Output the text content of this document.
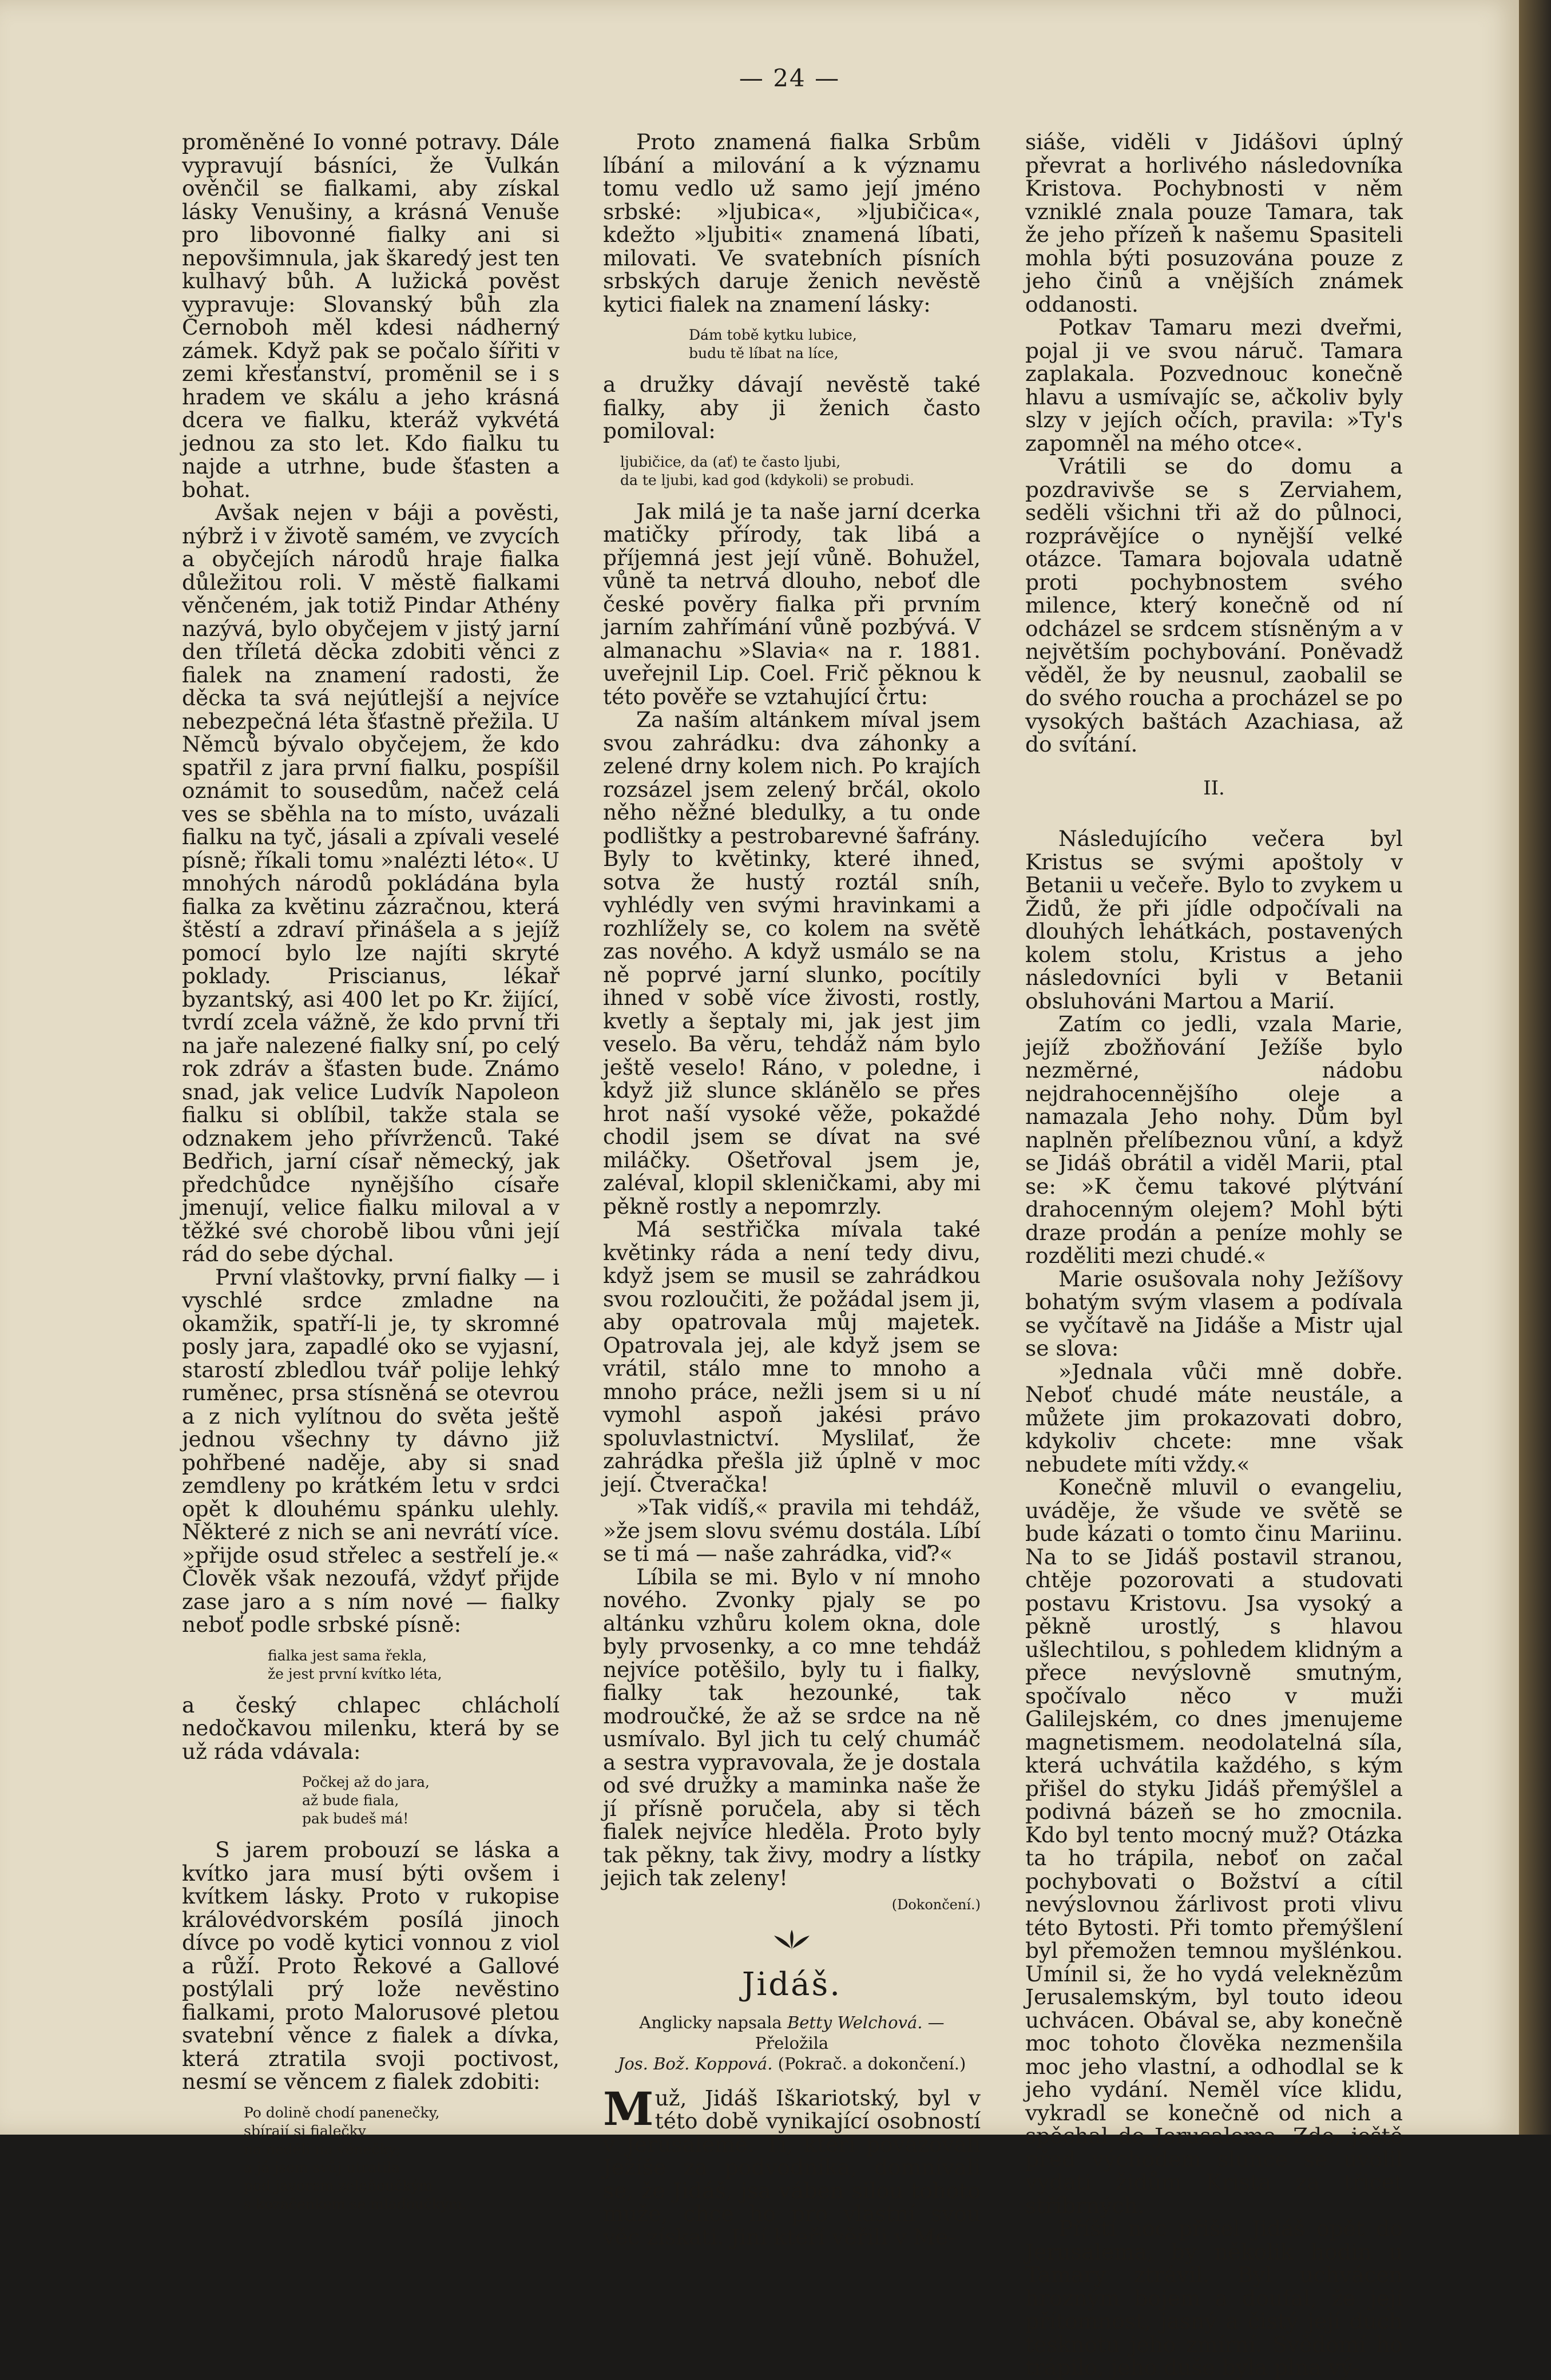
— 24 —

proměněné Io vonné potravy. Dále vypravují básníci, že Vulkán ověnčil se fialkami, aby získal lásky Venušiny, a krásná Venuše pro libovonné fialky ani si nepovšimnula, jak škaredý jest ten kulhavý bůh. A lužická pověst vypravuje: Slovanský bůh zla Černoboh měl kdesi nádherný zámek. Když pak se počalo šířiti v zemi křesťanství, proměnil se i s hradem ve skálu a jeho krásná dcera ve fialku, kteráž vykvétá jednou za sto let. Kdo fialku tu najde a utrhne, bude šťasten a bohat.

Avšak nejen v báji a pověsti, nýbrž i v životě samém, ve zvycích a obyčejích národů hraje fialka důležitou roli. V městě fialkami věnčeném, jak totiž Pindar Athény nazývá, bylo obyčejem v jistý jarní den tříletá děcka zdobiti věnci z fialek na znamení radosti, že děcka ta svá nejútlejší a nejvíce nebezpečná léta šťastně přežila. U Němců bývalo obyčejem, že kdo spatřil z jara první fialku, pospíšil oznámit to sousedům, načež celá ves se sběhla na to místo, uvázali fialku na tyč, jásali a zpívali veselé písně; říkali tomu »nalézti léto«. U mnohých národů pokládána byla fialka za květinu zázračnou, která štěstí a zdraví přinášela a s jejíž pomocí bylo lze najíti skryté poklady. Priscianus, lékař byzantský, asi 400 let po Kr. žijící, tvrdí zcela vážně, že kdo první tři na jaře nalezené fialky sní, po celý rok zdráv a šťasten bude. Známo snad, jak velice Ludvík Napoleon fialku si oblíbil, takže stala se odznakem jeho přívrženců. Také Bedřich, jarní císař německý, jak předchůdce nynějšího císaře jmenují, velice fialku miloval a v těžké své chorobě libou vůni její rád do sebe dýchal.

První vlaštovky, první fialky — i vyschlé srdce zmladne na okamžik, spatří-li je, ty skromné posly jara, zapadlé oko se vyjasní, starostí zbledlou tvář polije lehký ruměnec, prsa stísněná se otevrou a z nich vylítnou do světa ještě jednou všechny ty dávno již pohřbené naděje, aby si snad zemdleny po krátkém letu v srdci opět k dlouhému spánku ulehly. Některé z nich se ani nevrátí více. »přijde osud střelec a sestřelí je.« Člověk však nezoufá, vždyť přijde zase jaro a s ním nové — fialky neboť podle srbské písně:

fialka jest sama řekla,
že jest první kvítko léta,

a český chlapec chlácholí nedočkavou milenku, která by se už ráda vdávala:

Počkej až do jara,
až bude fiala,
pak budeš má!

S jarem probouzí se láska a kvítko jara musí býti ovšem i kvítkem lásky. Proto v rukopise královédvorském posílá jinoch dívce po vodě kytici vonnou z viol a růží. Proto Řekové a Gallové postýlali prý lože nevěstino fialkami, proto Malorusové pletou svatební věnce z fialek a dívka, která ztratila svoji poctivost, nesmí se věncem z fialek zdobiti:

Po dolině chodí panenečky,
sbírají si fialečky
na neděli na věnečky;
a já jsem svůj utratila
pod javorem zeleňoučkým
s kozačenkem se mlaďoučkým.

Proto znamená fialka Srbům líbání a milování a k významu tomu vedlo už samo její jméno srbské: »ljubica«, »ljubičica«, kdežto »ljubiti« znamená líbati, milovati. Ve svatebních písních srbských daruje ženich nevěstě kytici fialek na znamení lásky:

Dám tobě kytku lubice,
budu tě líbat na líce,

a družky dávají nevěstě také fialky, aby ji ženich často pomiloval:

ljubičice, da (ať) te často ljubi,
da te ljubi, kad god (kdykoli) se probudi.

Jak milá je ta naše jarní dcerka matičky přírody, tak libá a příjemná jest její vůně. Bohužel, vůně ta netrvá dlouho, neboť dle české pověry fialka při prvním jarním zahřímání vůně pozbývá. V almanachu »Slavia« na r. 1881. uveřejnil Lip. Coel. Frič pěknou k této pověře se vztahující črtu:

Za naším altánkem míval jsem svou zahrádku: dva záhonky a zelené drny kolem nich. Po krajích rozsázel jsem zelený brčál, okolo něho něžné bledulky, a tu onde podlištky a pestrobarevné šafrány. Byly to květinky, které ihned, sotva že hustý roztál sníh, vyhlédly ven svými hravinkami a rozhlížely se, co kolem na světě zas nového. A když usmálo se na ně poprvé jarní slunko, pocítily ihned v sobě více živosti, rostly, kvetly a šeptaly mi, jak jest jim veselo. Ba věru, tehdáž nám bylo ještě veselo! Ráno, v poledne, i když již slunce sklánělo se přes hrot naší vysoké věže, pokaždé chodil jsem se dívat na své miláčky. Ošetřoval jsem je, zaléval, klopil skleničkami, aby mi pěkně rostly a nepomrzly.

Má sestřička mívala také květinky ráda a není tedy divu, když jsem se musil se zahrádkou svou rozloučiti, že požádal jsem ji, aby opatrovala můj majetek. Opatrovala jej, ale když jsem se vrátil, stálo mne to mnoho a mnoho práce, nežli jsem si u ní vymohl aspoň jakési právo spoluvlastnictví. Myslilať, že zahrádka přešla již úplně v moc její. Čtveračka!

»Tak vidíš,« pravila mi tehdáž, »že jsem slovu svému dostála. Líbí se ti má — naše zahrádka, viď?«

Líbila se mi. Bylo v ní mnoho nového. Zvonky pjaly se po altánku vzhůru kolem okna, dole byly prvosenky, a co mne tehdáž nejvíce potěšilo, byly tu i fialky, fialky tak hezounké, tak modroučké, že až se srdce na ně usmívalo. Byl jich tu celý chumáč a sestra vypravovala, že je dostala od své družky a maminka naše že jí přísně poručela, aby si těch fialek nejvíce hleděla. Proto byly tak pěkny, tak živy, modry a lístky jejich tak zeleny!

(Dokončení.)
Jidáš.
Anglicky napsala Betty Welchová. — Přeložila
Jos. Bož. Koppová. (Pokrač. a dokončení.)

Muž, Jidáš Iškariotský, byl v této době vynikající osobností v Jerusalemě. Ti, kteří považovali Ježíše za podvodníka, domnívali se, že Jidáš, jsa váben silou tohoto muže, chce ho pro vlastní svou věc získati. Jiní kteří věřili v Me-

siáše, viděli v Jidášovi úplný převrat a horlivého následovníka Kristova. Pochybnosti v něm vzniklé znala pouze Tamara, tak že jeho přízeň k našemu Spasiteli mohla býti posuzována pouze z jeho činů a vnějších známek oddanosti.

Potkav Tamaru mezi dveřmi, pojal ji ve svou náruč. Tamara zaplakala. Pozvednouc konečně hlavu a usmívajíc se, ačkoliv byly slzy v jejích očích, pravila: »Ty's zapomněl na mého otce«.

Vrátili se do domu a pozdravivše se s Zerviahem, seděli všichni tři až do půlnoci, rozprávějíce o nynější velké otázce. Tamara bojovala udatně proti pochybnostem svého milence, který konečně od ní odcházel se srdcem stísněným a v největším pochybování. Poněvadž věděl, že by neusnul, zaobalil se do svého roucha a procházel se po vysokých baštách Azachiasa, až do svítání.

II.

Následujícího večera byl Kristus se svými apoštoly v Betanii u večeře. Bylo to zvykem u Židů, že při jídle odpočívali na dlouhých lehátkách, postavených kolem stolu, Kristus a jeho následovníci byli v Betanii obsluhováni Martou a Marií.

Zatím co jedli, vzala Marie, jejíž zbožňování Ježíše bylo nezměrné, nádobu nejdrahocennějšího oleje a namazala Jeho nohy. Dům byl naplněn přelíbeznou vůní, a když se Jidáš obrátil a viděl Marii, ptal se: »K čemu takové plýtvání drahocenným olejem? Mohl býti draze prodán a peníze mohly se rozděliti mezi chudé.«

Marie osušovala nohy Ježíšovy bohatým svým vlasem a podívala se vyčítavě na Jidáše a Mistr ujal se slova:

»Jednala vůči mně dobře. Neboť chudé máte neustále, a můžete jim prokazovati dobro, kdykoliv chcete: mne však nebudete míti vždy.«

Konečně mluvil o evangeliu, uváděje, že všude ve světě se bude kázati o tomto činu Mariinu. Na to se Jidáš postavil stranou, chtěje pozorovati a studovati postavu Kristovu. Jsa vysoký a pěkně urostlý, s hlavou ušlechtilou, s pohledem klidným a přece nevýslovně smutným, spočívalo něco v muži Galilejském, co dnes jmenujeme magnetismem. neodolatelná síla, která uchvátila každého, s kým přišel do styku Jidáš přemýšlel a podivná bázeň se ho zmocnila. Kdo byl tento mocný muž? Otázka ta ho trápila, neboť on začal pochybovati o Božství a cítil nevýslovnou žárlivost proti vlivu této Bytosti. Při tomto přemýšlení byl přemožen temnou myšlénkou. Umínil si, že ho vydá veleknězům Jerusalemským, byl touto ideou uchvácen. Obával se, aby konečně moc tohoto člověka nezmenšila moc jeho vlastní, a odhodlal se k jeho vydání. Neměl více klidu, vykradl se konečně od nich a spěchal do Jerusalema. Zde, ještě před východem slunce se uvolil vydati židům Krista za třicet stříbrných.

Příští noc přišel Jidáš opět do Jerusalema, by několik hodin u Tamary ztrávil. Byl uchvácen hrozným bojem a doufal, že její přítomnost, jasný a čistý její duch tesknotu jeho zmírní. Svědomí ho trápilo, jeho duše byla plna vý-
